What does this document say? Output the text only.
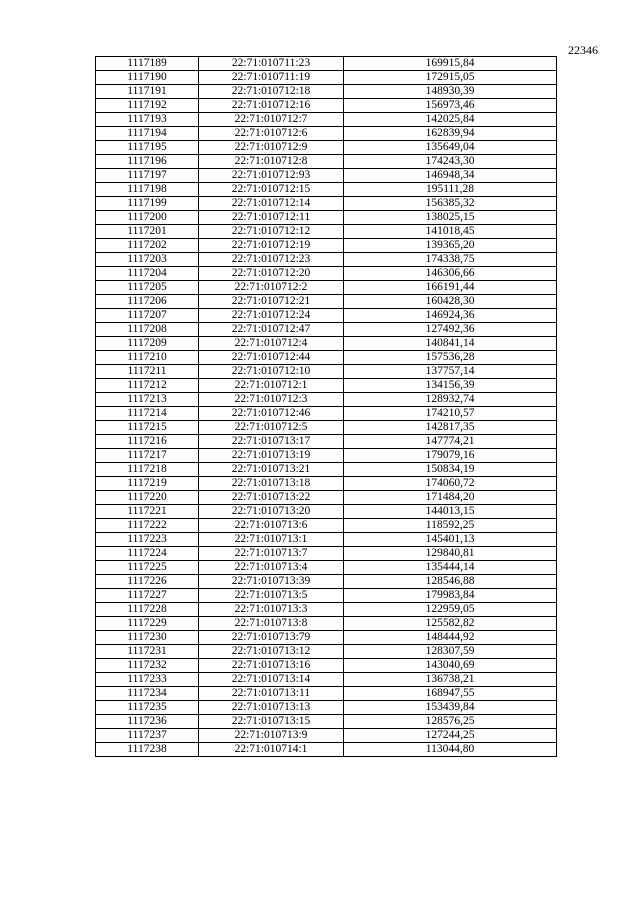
22346
1117189	22:71:010711:23	169915,84
1117190	22:71:010711:19	172915,05
1117191	22:71:010712:18	148930,39
1117192	22:71:010712:16	156973,46
1117193	22:71:010712:7	142025,84
1117194	22:71:010712:6	162839,94
1117195	22:71:010712:9	135649,04
1117196	22:71:010712:8	174243,30
1117197	22:71:010712:93	146948,34
1117198	22:71:010712:15	195111,28
1117199	22:71:010712:14	156385,32
1117200	22:71:010712:11	138025,15
1117201	22:71:010712:12	141018,45
1117202	22:71:010712:19	139365,20
1117203	22:71:010712:23	174338,75
1117204	22:71:010712:20	146306,66
1117205	22:71:010712:2	166191,44
1117206	22:71:010712:21	160428,30
1117207	22:71:010712:24	146924,36
1117208	22:71:010712:47	127492,36
1117209	22:71:010712:4	140841,14
1117210	22:71:010712:44	157536,28
1117211	22:71:010712:10	137757,14
1117212	22:71:010712:1	134156,39
1117213	22:71:010712:3	128932,74
1117214	22:71:010712:46	174210,57
1117215	22:71:010712:5	142817,35
1117216	22:71:010713:17	147774,21
1117217	22:71:010713:19	179079,16
1117218	22:71:010713:21	150834,19
1117219	22:71:010713:18	174060,72
1117220	22:71:010713:22	171484,20
1117221	22:71:010713:20	144013,15
1117222	22:71:010713:6	118592,25
1117223	22:71:010713:1	145401,13
1117224	22:71:010713:7	129840,81
1117225	22:71:010713:4	135444,14
1117226	22:71:010713:39	128546,88
1117227	22:71:010713:5	179983,84
1117228	22:71:010713:3	122959,05
1117229	22:71:010713:8	125582,82
1117230	22:71:010713:79	148444,92
1117231	22:71:010713:12	128307,59
1117232	22:71:010713:16	143040,69
1117233	22:71:010713:14	136738,21
1117234	22:71:010713:11	168947,55
1117235	22:71:010713:13	153439,84
1117236	22:71:010713:15	128576,25
1117237	22:71:010713:9	127244,25
1117238	22:71:010714:1	113044,80
